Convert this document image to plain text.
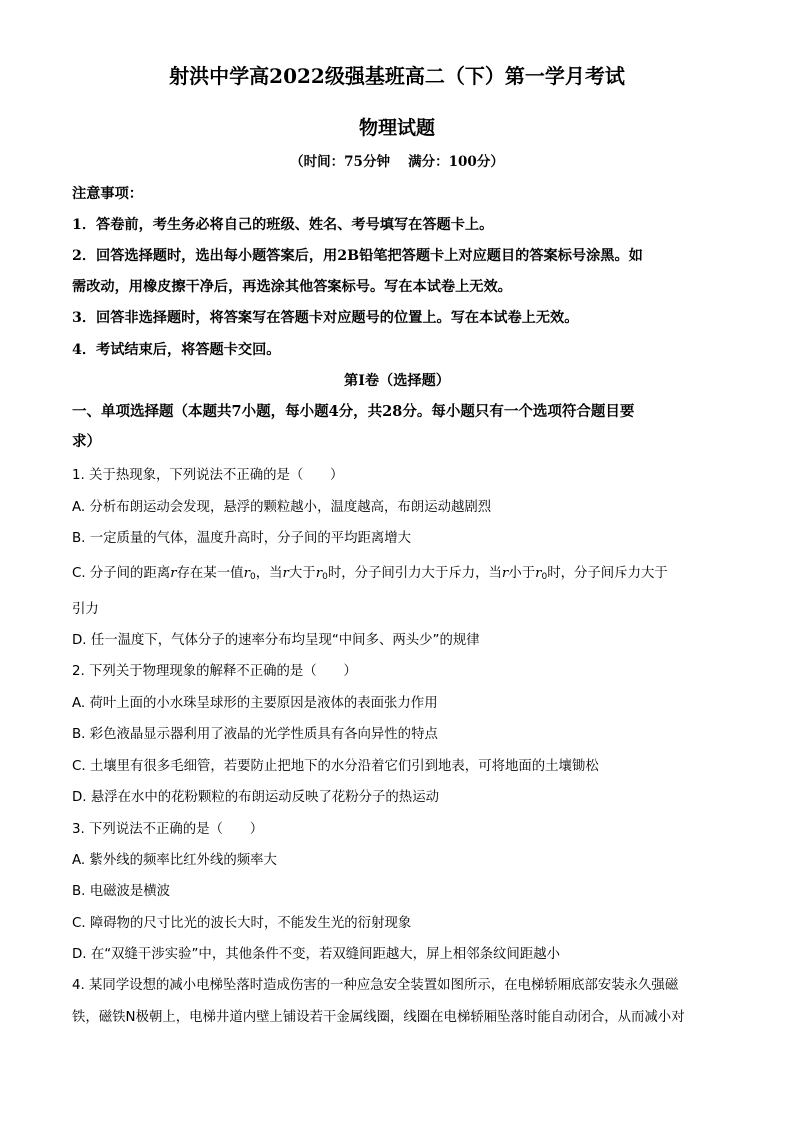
射洪中学高2022级强基班高二（下）第一学月考试
物理试题
（时间：75分钟　 满分：100分）
注意事项：
1．答卷前，考生务必将自己的班级、姓名、考号填写在答题卡上。
2．回答选择题时，选出每小题答案后，用2B铅笔把答题卡上对应题目的答案标号涂黑。如
需改动，用橡皮擦干净后，再选涂其他答案标号。写在本试卷上无效。
3．回答非选择题时，将答案写在答题卡对应题号的位置上。写在本试卷上无效。
4．考试结束后，将答题卡交回。
第Ⅰ卷（选择题）
一、单项选择题（本题共7小题，每小题4分，共28分。每小题只有一个选项符合题目要
求）
1. 关于热现象，下列说法不正确的是（　　）
A. 分析布朗运动会发现，悬浮的颗粒越小，温度越高，布朗运动越剧烈
B. 一定质量的气体，温度升高时，分子间的平均距离增大
C. 分子间的距离r存在某一值$r_0$，当r大于$r_0$时，分子间引力大于斥力，当r小于$r_0$时，分子间斥力大于
引力
D. 任一温度下，气体分子的速率分布均呈现“中间多、两头少”的规律
2. 下列关于物理现象的解释不正确的是（　　）
A. 荷叶上面的小水珠呈球形的主要原因是液体的表面张力作用
B. 彩色液晶显示器利用了液晶的光学性质具有各向异性的特点
C. 土壤里有很多毛细管，若要防止把地下的水分沿着它们引到地表，可将地面的土壤锄松
D. 悬浮在水中的花粉颗粒的布朗运动反映了花粉分子的热运动
3. 下列说法不正确的是（　　）
A. 紫外线的频率比红外线的频率大
B. 电磁波是横波
C. 障碍物的尺寸比光的波长大时，不能发生光的衍射现象
D. 在“双缝干涉实验”中，其他条件不变，若双缝间距越大，屏上相邻条纹间距越小
4. 某同学设想的减小电梯坠落时造成伤害的一种应急安全装置如图所示，在电梯轿厢底部安装永久强磁
铁，磁铁N极朝上，电梯井道内壁上铺设若干金属线圈，线圈在电梯轿厢坠落时能自动闭合，从而减小对
